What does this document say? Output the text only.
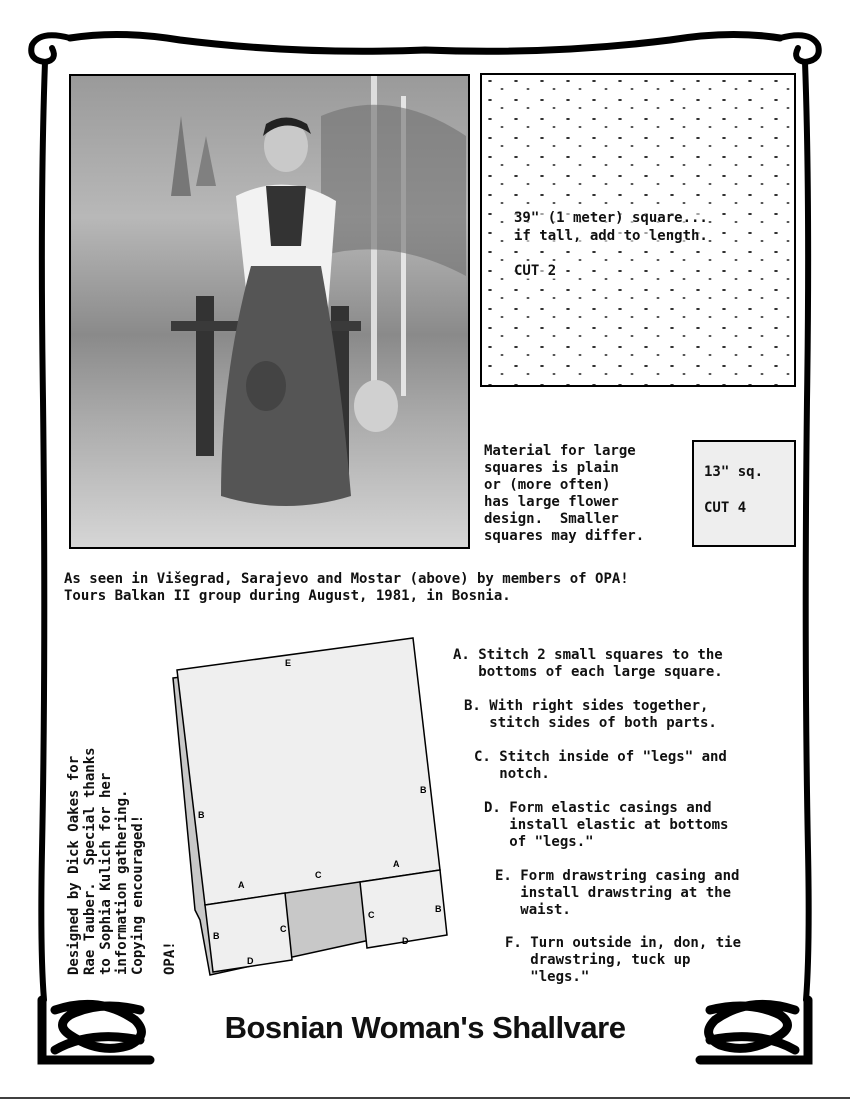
39" (1 meter) square...
if tall, add to length.
CUT 2
Material for large
squares is plain
or (more often)
has large flower
design.  Smaller
squares may differ.
13" sq.
CUT 4
As seen in Višegrad, Sarajevo and Mostar (above) by members of OPA!
Tours Balkan II group during August, 1981, in Bosnia.
Designed by Dick Oakes for
Rae Tauber.  Special thanks
to Sophia Kulich for her
information gathering.
Copying encouraged!

OPA!
E
B
B
A
C
A
B
C
D
C
B
D
A. Stitch 2 small squares to the
bottoms of each large square.
B. With right sides together,
stitch sides of both parts.
C. Stitch inside of "legs" and
notch.
D. Form elastic casings and
install elastic at bottoms
of "legs."
E. Form drawstring casing and
install drawstring at the
waist.
F. Turn outside in, don, tie
drawstring, tuck up
"legs."
Bosnian Woman's Shallvare
